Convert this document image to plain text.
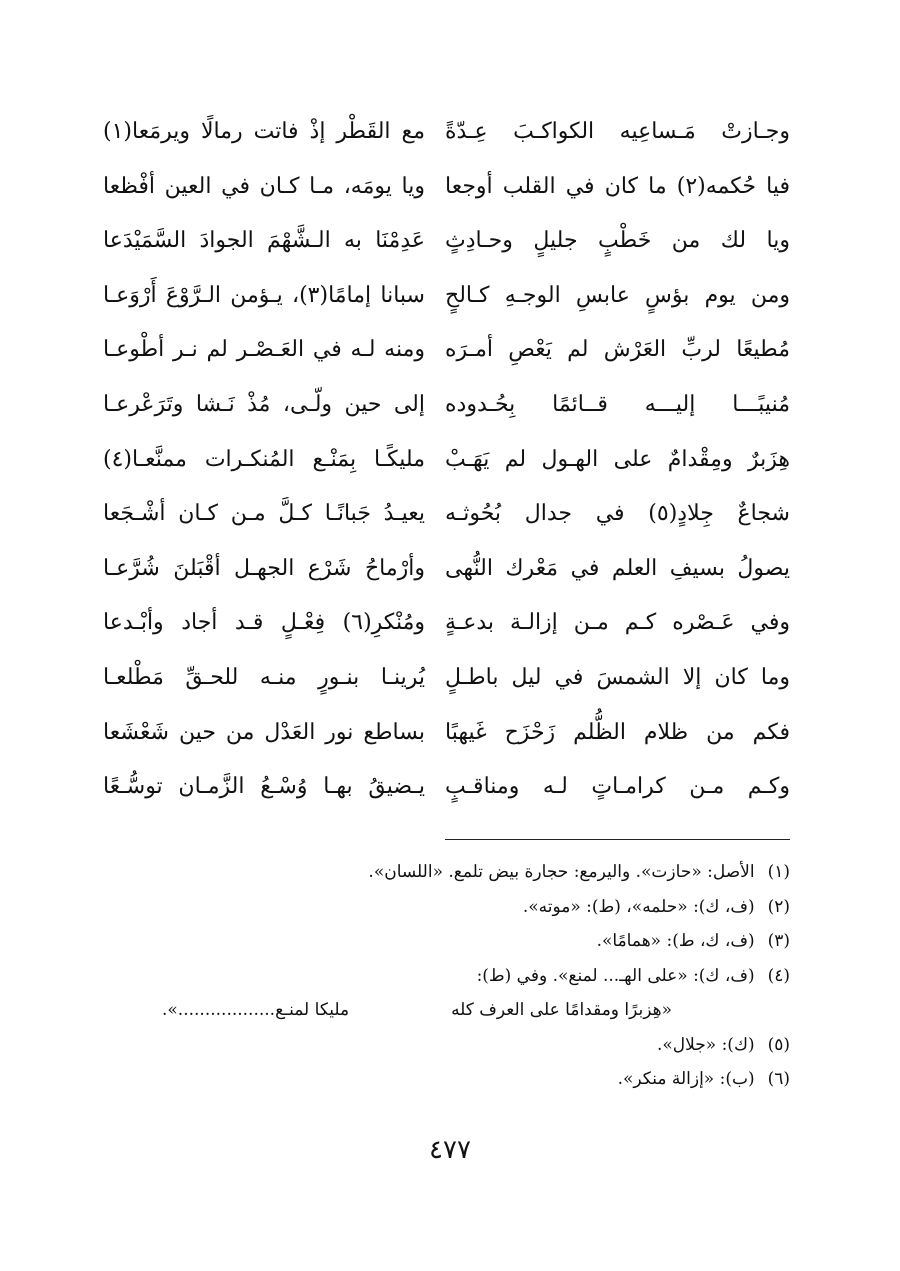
وجـازتْ مَـساعِيه الكواكـبَ عِـدّةً
مع القَطْر إذْ فاتت رمالًا ويرمَعا(١)
فيا حُكمه(٢) ما كان في القلب أوجعا
ويا يومَه، مـا كـان في العين أفْظعا
ويا لك من خَطْبٍ جليلٍ وحـادِثٍ
عَدِمْنَا به الـشَّهْمَ الجوادَ السَّمَيْدَعا
ومن يوم بؤسٍ عابسِ الوجـهِ كـالحٍ
سبانا إمامًا(٣)، يـؤمن الـرَّوْعَ أَرْوَعـا
مُطيعًا لربِّ العَرْش لم يَعْصِ أمـرَه
ومنه لـه في العَـصْـر لم نـر أطْوعـا
مُنيبًـــا إليـــه قــائمًا بِحُـدوده
إلى حين ولّـى، مُذْ نَـشا وتَرَعْرعـا
هِزَبرٌ ومِقْدامٌ على الهـول لم يَهَـبْ
مليكًـا بِمَنْـع المُنكـرات ممنَّعـا(٤)
شجاعٌ جِلادٍ(٥) في جدال بُحُوثـه
يعيـدُ جَبانًـا كـلَّ مـن كـان أشْـجَعا
يصولُ بسيفِ العلم في مَعْرك النُّهى
وأرْماحُ شَرْع الجهـل أقْبَلنَ شُرَّعـا
وفي عَـصْره كـم مـن إزالـة بدعـةٍ
ومُنْكرِ(٦) فِعْـلٍ قـد أجاد وأبْـدعا
وما كان إلا الشمسَ في ليل باطـلٍ
يُرينـا بنـورٍ منـه للحـقِّ مَطْلعـا
فكم من ظلام الظُّلم زَحْزَح غَيهبًا
بساطع نور العَدْل من حين شَعْشَعا
وكـم مـن كرامـاتٍ لـه ومناقـبٍ
يـضيقُ بهـا وُسْـعُ الزَّمـان توسُّـعًا
(١) الأصل: «حازت». واليرمع: حجارة بيض تلمع. «اللسان».
(٢) (ف، ك): «حلمه»، (ط): «موته».
(٣) (ف، ك، ط): «همامًا».
(٤) (ف، ك): «على الهـ... لمنع». وفي (ط):
«هِزبرًا ومقدامًا على العرف كله
مليكا لمنـع..................».
(٥) (ك): «جلال».
(٦) (ب): «إزالة منكر».
٤٧٧
